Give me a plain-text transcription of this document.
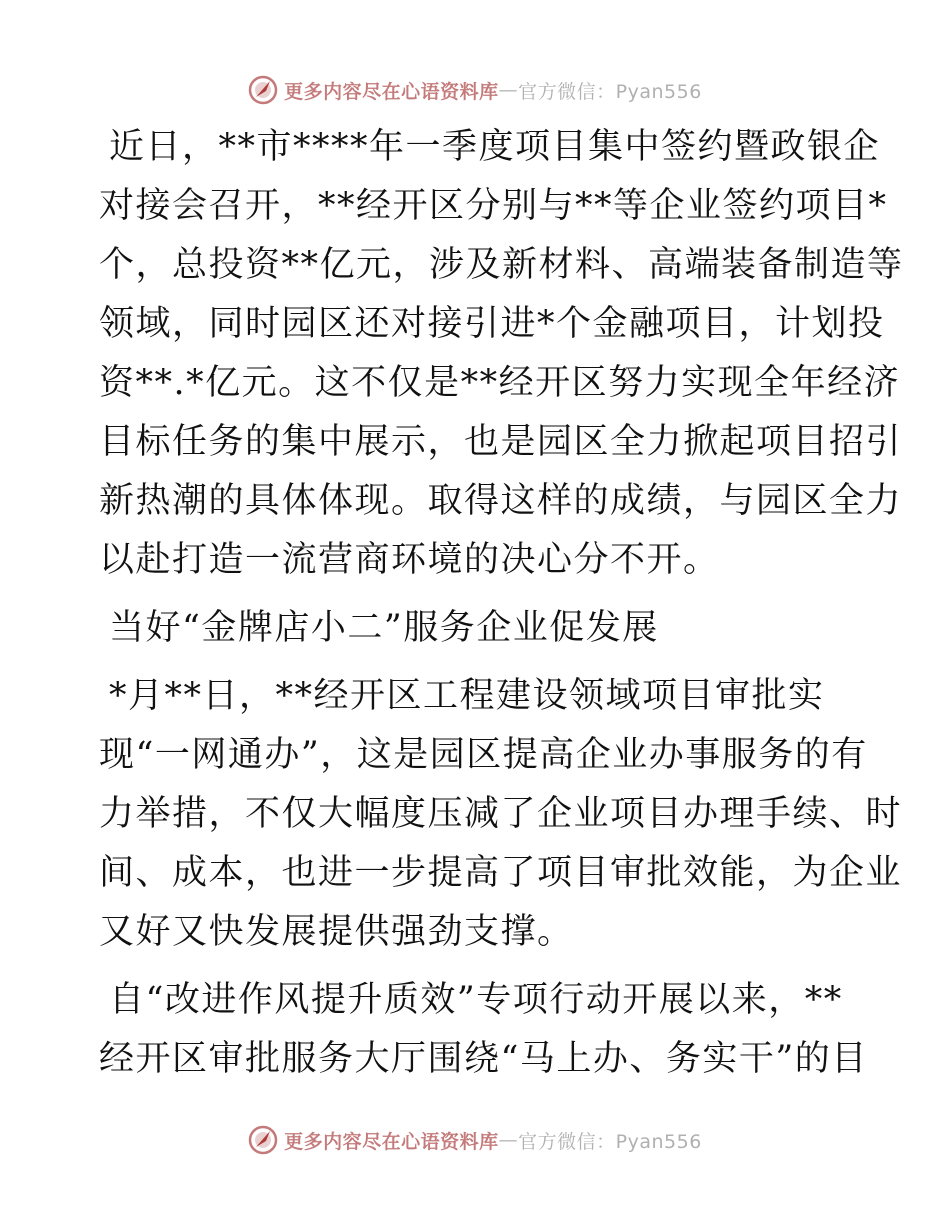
更多内容尽在心语资料库 — 官方微信：Pyan556
近日，**市****年一季度项目集中签约暨政银企
对接会召开，**经开区分别与**等企业签约项目*
个，总投资**亿元，涉及新材料、高端装备制造等
领域，同时园区还对接引进*个金融项目，计划投
资**.*亿元。这不仅是**经开区努力实现全年经济
目标任务的集中展示，也是园区全力掀起项目招引
新热潮的具体体现。取得这样的成绩，与园区全力
以赴打造一流营商环境的决心分不开。
当好“金牌店小二”服务企业促发展
*月**日，**经开区工程建设领域项目审批实
现“一网通办”，这是园区提高企业办事服务的有
力举措，不仅大幅度压减了企业项目办理手续、时
间、成本，也进一步提高了项目审批效能，为企业
又好又快发展提供强劲支撑。
自“改进作风提升质效”专项行动开展以来，**
经开区审批服务大厅围绕“马上办、务实干”的目
更多内容尽在心语资料库 — 官方微信：Pyan556
